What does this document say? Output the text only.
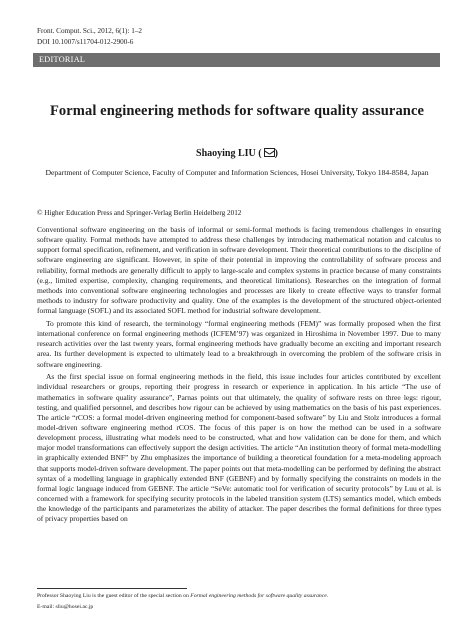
Front. Comput. Sci., 2012, 6(1): 1–2
DOI 10.1007/s11704-012-2900-6
EDITORIAL
Formal engineering methods for software quality assurance
Shaoying LIU ( )
Department of Computer Science, Faculty of Computer and Information Sciences, Hosei University, Tokyo 184-8584, Japan
© Higher Education Press and Springer-Verlag Berlin Heidelberg 2012

Conventional software engineering on the basis of informal or semi-formal methods is facing tremendous challenges in ensuring software quality. Formal methods have attempted to address these challenges by introducing mathematical notation and calculus to support formal specification, refinement, and verification in software development. Their theoretical contributions to the discipline of software engineering are significant. However, in spite of their potential in improving the controllability of software process and reliability, formal methods are generally difficult to apply to large-scale and complex systems in practice because of many constraints (e.g., limited expertise, complexity, changing requirements, and theoretical limitations). Researches on the integration of formal methods into conventional software engineering technologies and processes are likely to create effective ways to transfer formal methods to industry for software productivity and quality. One of the examples is the development of the structured object-oriented formal language (SOFL) and its associated SOFL method for industrial software development.

To promote this kind of research, the terminology “formal engineering methods (FEM)” was formally proposed when the first international conference on formal engineering methods (ICFEM’97) was organized in Hiroshima in November 1997. Due to many research activities over the last twenty years, formal engineering methods have gradually become an exciting and important research area. Its further development is expected to ultimately lead to a breakthrough in overcoming the problem of the software crisis in software engineering.

As the first special issue on formal engineering methods in the field, this issue includes four articles contributed by excellent individual researchers or groups, reporting their progress in research or experience in application. In his article “The use of mathematics in software quality assurance”, Parnas points out that ultimately, the quality of software rests on three legs: rigour, testing, and qualified personnel, and describes how rigour can be achieved by using mathematics on the basis of his past experiences. The article “rCOS: a formal model-driven engineering method for component-based software” by Liu and Stolz introduces a formal model-driven software engineering method rCOS. The focus of this paper is on how the method can be used in a software development process, illustrating what models need to be constructed, what and how validation can be done for them, and which major model transformations can effectively support the design activities. The article “An institution theory of formal meta-modelling in graphically extended BNF” by Zhu emphasizes the importance of building a theoretical foundation for a meta-modeling approach that supports model-driven software development. The paper points out that meta-modelling can be performed by defining the abstract syntax of a modelling language in graphically extended BNF (GEBNF) and by formally specifying the constraints on models in the formal logic language induced from GEBNF. The article “SeVe: automatic tool for verification of security protocols” by Luu et al. is concerned with a framework for specifying security protocols in the labeled transition system (LTS) semantics model, which embeds the knowledge of the participants and parameterizes the ability of attacker. The paper describes the formal definitions for three types of privacy properties based on

Professor Shaoying Liu is the guest editor of the special section on Formal engineering methods for software quality assurance.
E-mail: sliu@hosei.ac.jp
